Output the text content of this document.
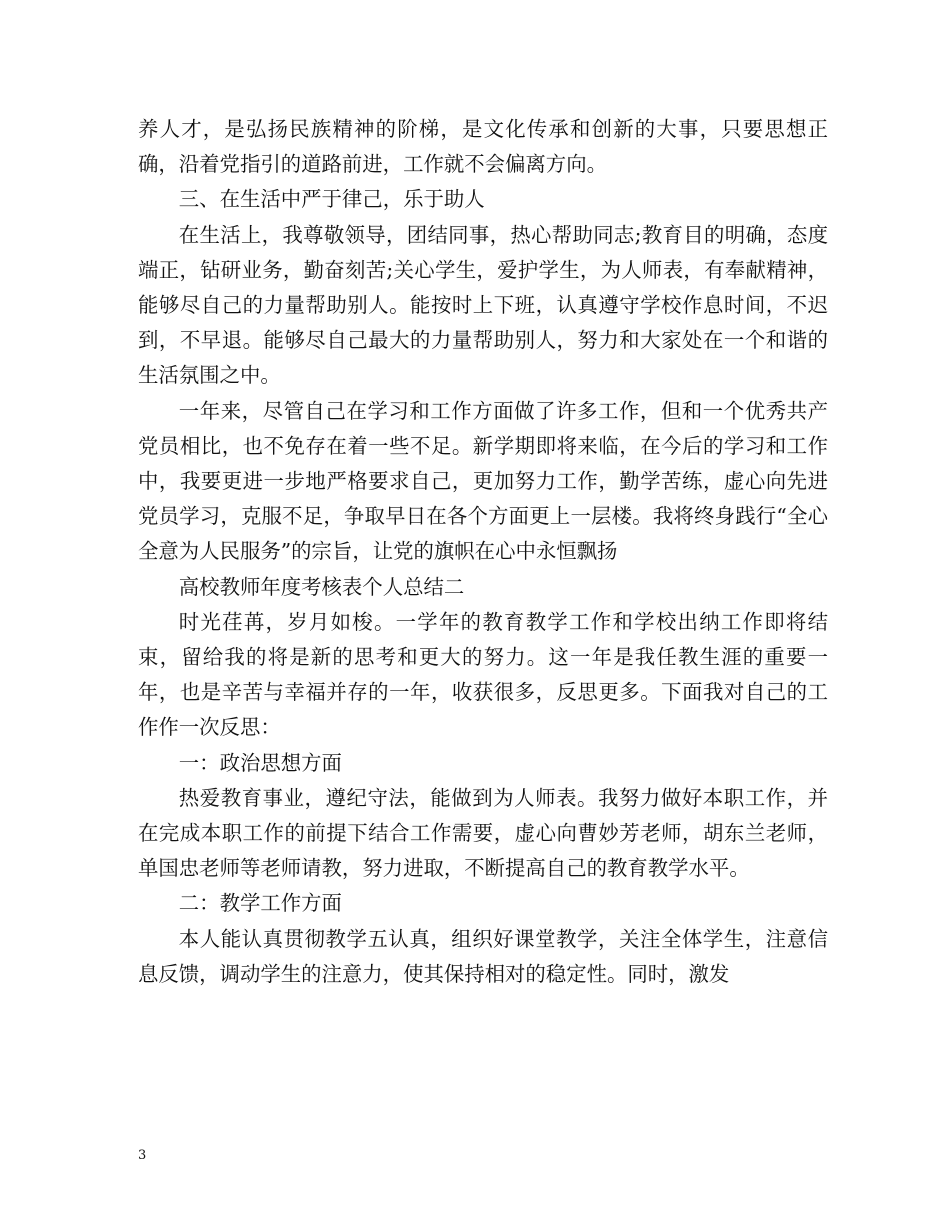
养人才，是弘扬民族精神的阶梯，是文化传承和创新的大事，只要思想正确，沿着党指引的道路前进，工作就不会偏离方向。

三、在生活中严于律己，乐于助人

在生活上，我尊敬领导，团结同事，热心帮助同志;教育目的明确，态度端正，钻研业务，勤奋刻苦;关心学生，爱护学生，为人师表，有奉献精神，能够尽自己的力量帮助别人。能按时上下班，认真遵守学校作息时间，不迟到，不早退。能够尽自己最大的力量帮助别人，努力和大家处在一个和谐的生活氛围之中。

一年来，尽管自己在学习和工作方面做了许多工作，但和一个优秀共产党员相比，也不免存在着一些不足。新学期即将来临，在今后的学习和工作中，我要更进一步地严格要求自己，更加努力工作，勤学苦练，虚心向先进党员学习，克服不足，争取早日在各个方面更上一层楼。我将终身践行“全心全意为人民服务”的宗旨，让党的旗帜在心中永恒飘扬

高校教师年度考核表个人总结二

时光荏苒，岁月如梭。一学年的教育教学工作和学校出纳工作即将结束，留给我的将是新的思考和更大的努力。这一年是我任教生涯的重要一年，也是辛苦与幸福并存的一年，收获很多，反思更多。下面我对自己的工作作一次反思：

一：政治思想方面

热爱教育事业，遵纪守法，能做到为人师表。我努力做好本职工作，并在完成本职工作的前提下结合工作需要，虚心向曹妙芳老师，胡东兰老师，单国忠老师等老师请教，努力进取，不断提高自己的教育教学水平。

二：教学工作方面

本人能认真贯彻教学五认真，组织好课堂教学，关注全体学生，注意信息反馈，调动学生的注意力，使其保持相对的稳定性。同时，激发

3
